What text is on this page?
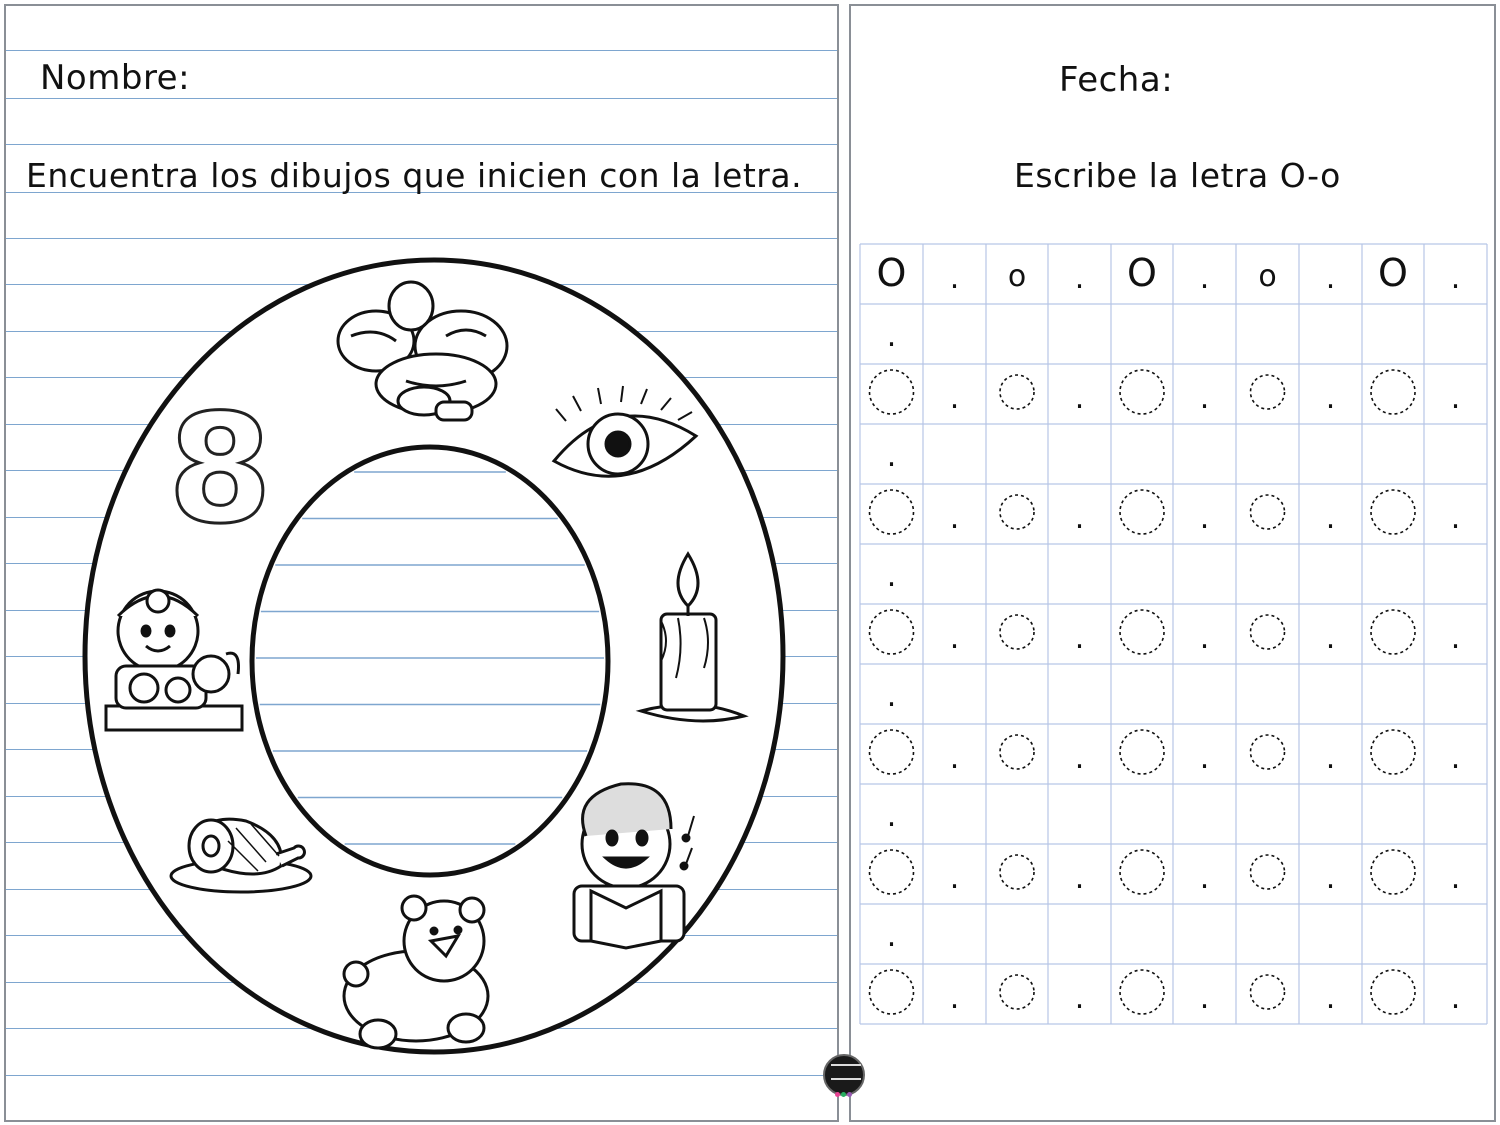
8
Nombre:
Encuentra los dibujos que inicien con la letra.
Fecha:
Escribe la letra O-o
O . o . O . o . O .
.
.	.	.	.	.
.
.	.	.	.	.
.
.	.	.	.	.
.
.	.	.	.	.
.
.	.	.	.	.
.
.	.	.	.	.
